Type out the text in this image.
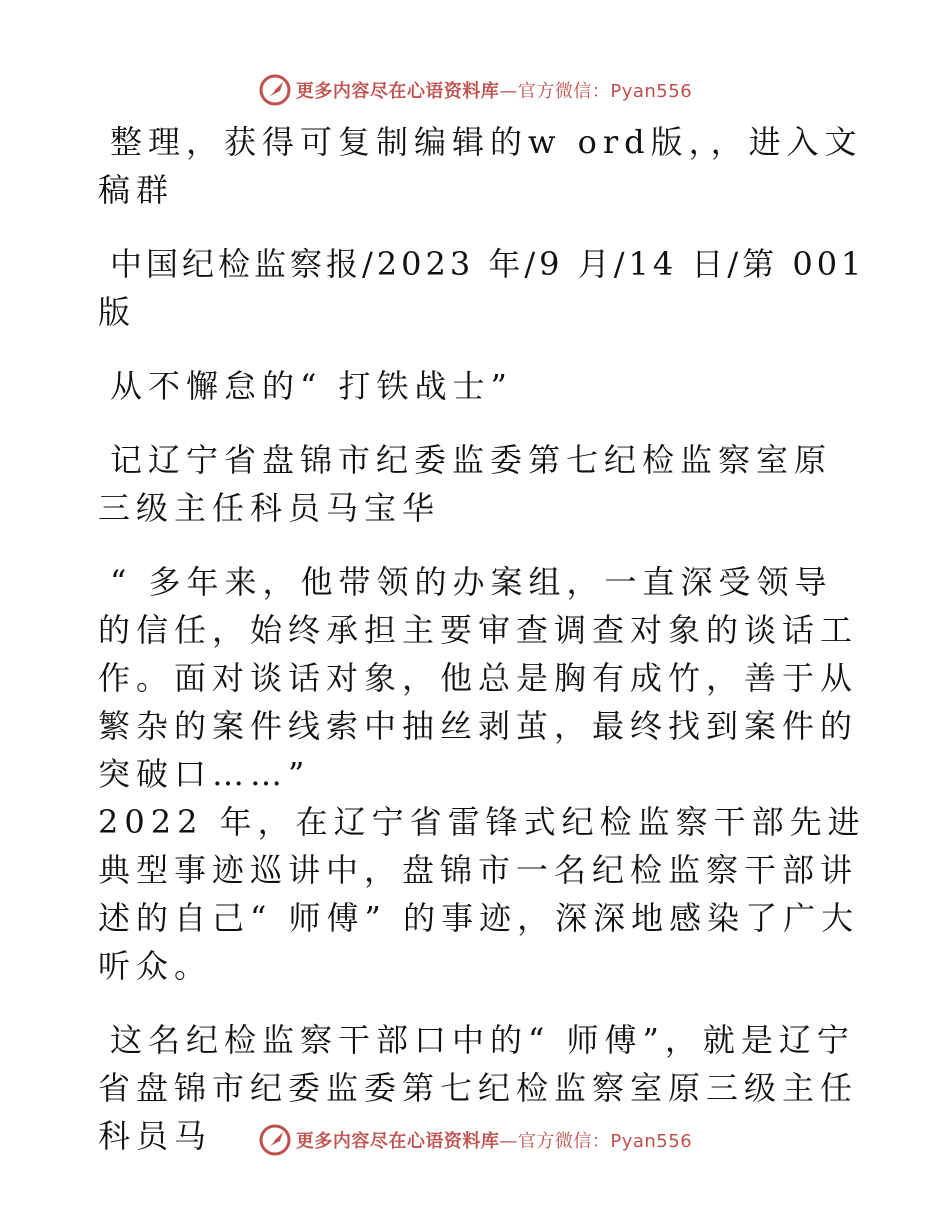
更多内容尽在心语资料库—官方微信：Pyan556

整理，获得可复制编辑的w ord版，，进入文稿群

中国纪检监察报/2023 年/9 月/14 日/第 001 版

从不懈怠的“ 打铁战士”

记辽宁省盘锦市纪委监委第七纪检监察室原三级主任科员马宝华

“ 多年来，他带领的办案组，一直深受领导的信任，始终承担主要审查调查对象的谈话工作。面对谈话对象，他总是胸有成竹，善于从繁杂的案件线索中抽丝剥茧，最终找到案件的突破口……”

2022 年，在辽宁省雷锋式纪检监察干部先进典型事迹巡讲中，盘锦市一名纪检监察干部讲述的自己“ 师傅” 的事迹，深深地感染了广大听众。

这名纪检监察干部口中的“ 师傅”，就是辽宁省盘锦市纪委监委第七纪检监察室原三级主任科员马	更多内容尽在心语资料库—官方微信：Pyan556
